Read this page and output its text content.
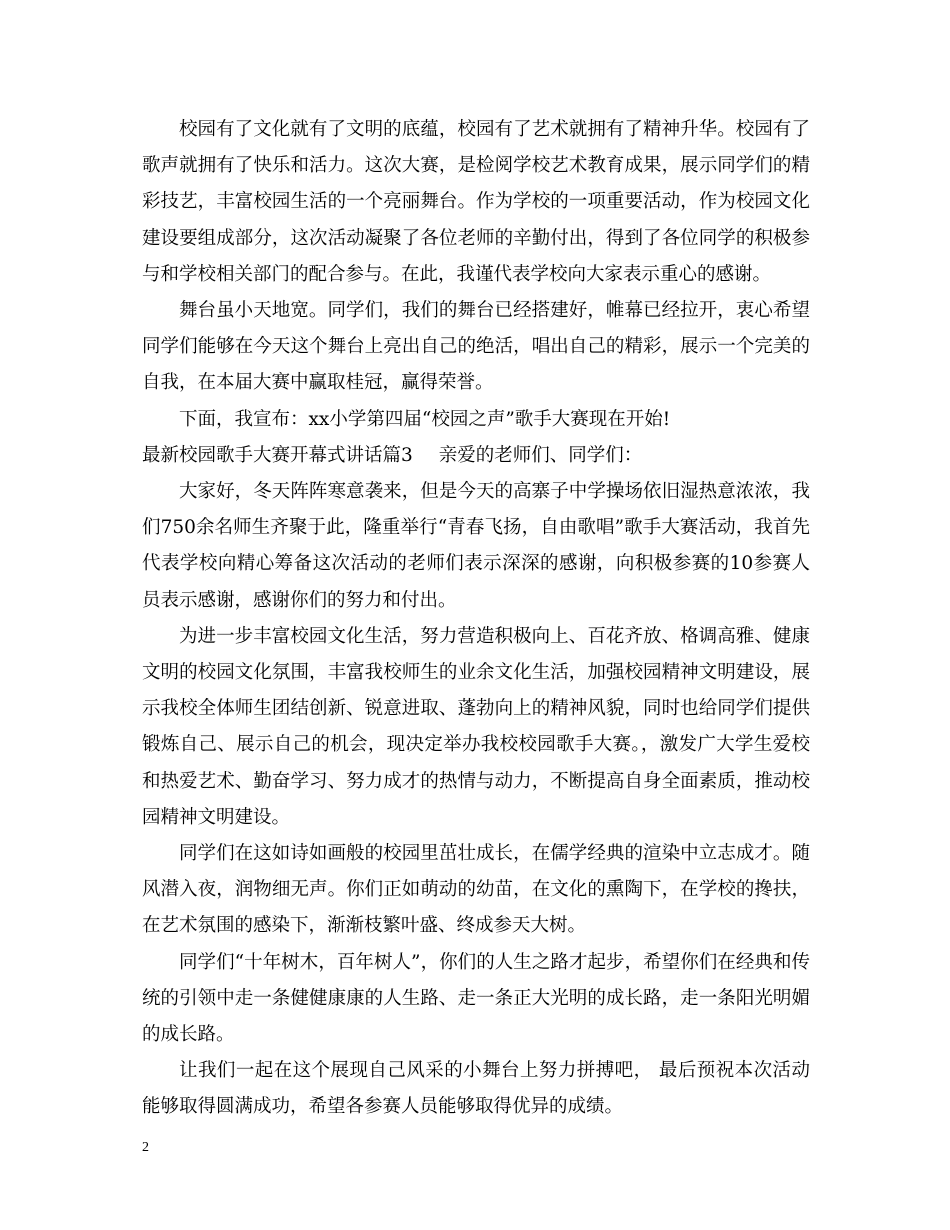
校园有了文化就有了文明的底蕴，校园有了艺术就拥有了精神升华。校园有了歌声就拥有了快乐和活力。这次大赛，是检阅学校艺术教育成果，展示同学们的精彩技艺，丰富校园生活的一个亮丽舞台。作为学校的一项重要活动，作为校园文化建设要组成部分，这次活动凝聚了各位老师的辛勤付出，得到了各位同学的积极参与和学校相关部门的配合参与。在此，我谨代表学校向大家表示重心的感谢。

舞台虽小天地宽。同学们，我们的舞台已经搭建好，帷幕已经拉开，衷心希望同学们能够在今天这个舞台上亮出自己的绝活，唱出自己的精彩，展示一个完美的自我，在本届大赛中赢取桂冠，赢得荣誉。

下面，我宣布：xx小学第四届“校园之声”歌手大赛现在开始!

最新校园歌手大赛开幕式讲话篇3 亲爱的老师们、同学们：

大家好，冬天阵阵寒意袭来，但是今天的高寨子中学操场依旧湿热意浓浓，我们750余名师生齐聚于此，隆重举行“青春飞扬，自由歌唱”歌手大赛活动，我首先代表学校向精心筹备这次活动的老师们表示深深的感谢，向积极参赛的10参赛人员表示感谢，感谢你们的努力和付出。

为进一步丰富校园文化生活，努力营造积极向上、百花齐放、格调高雅、健康文明的校园文化氛围，丰富我校师生的业余文化生活，加强校园精神文明建设，展示我校全体师生团结创新、锐意进取、蓬勃向上的精神风貌，同时也给同学们提供锻炼自己、展示自己的机会，现决定举办我校校园歌手大赛。，激发广大学生爱校和热爱艺术、勤奋学习、努力成才的热情与动力，不断提高自身全面素质，推动校园精神文明建设。

同学们在这如诗如画般的校园里茁壮成长，在儒学经典的渲染中立志成才。随风潜入夜，润物细无声。你们正如萌动的幼苗，在文化的熏陶下，在学校的搀扶，在艺术氛围的感染下，渐渐枝繁叶盛、终成参天大树。

同学们“十年树木，百年树人”，你们的人生之路才起步，希望你们在经典和传统的引领中走一条健健康康的人生路、走一条正大光明的成长路，走一条阳光明媚的成长路。

让我们一起在这个展现自己风采的小舞台上努力拼搏吧， 最后预祝本次活动能够取得圆满成功，希望各参赛人员能够取得优异的成绩。

2
